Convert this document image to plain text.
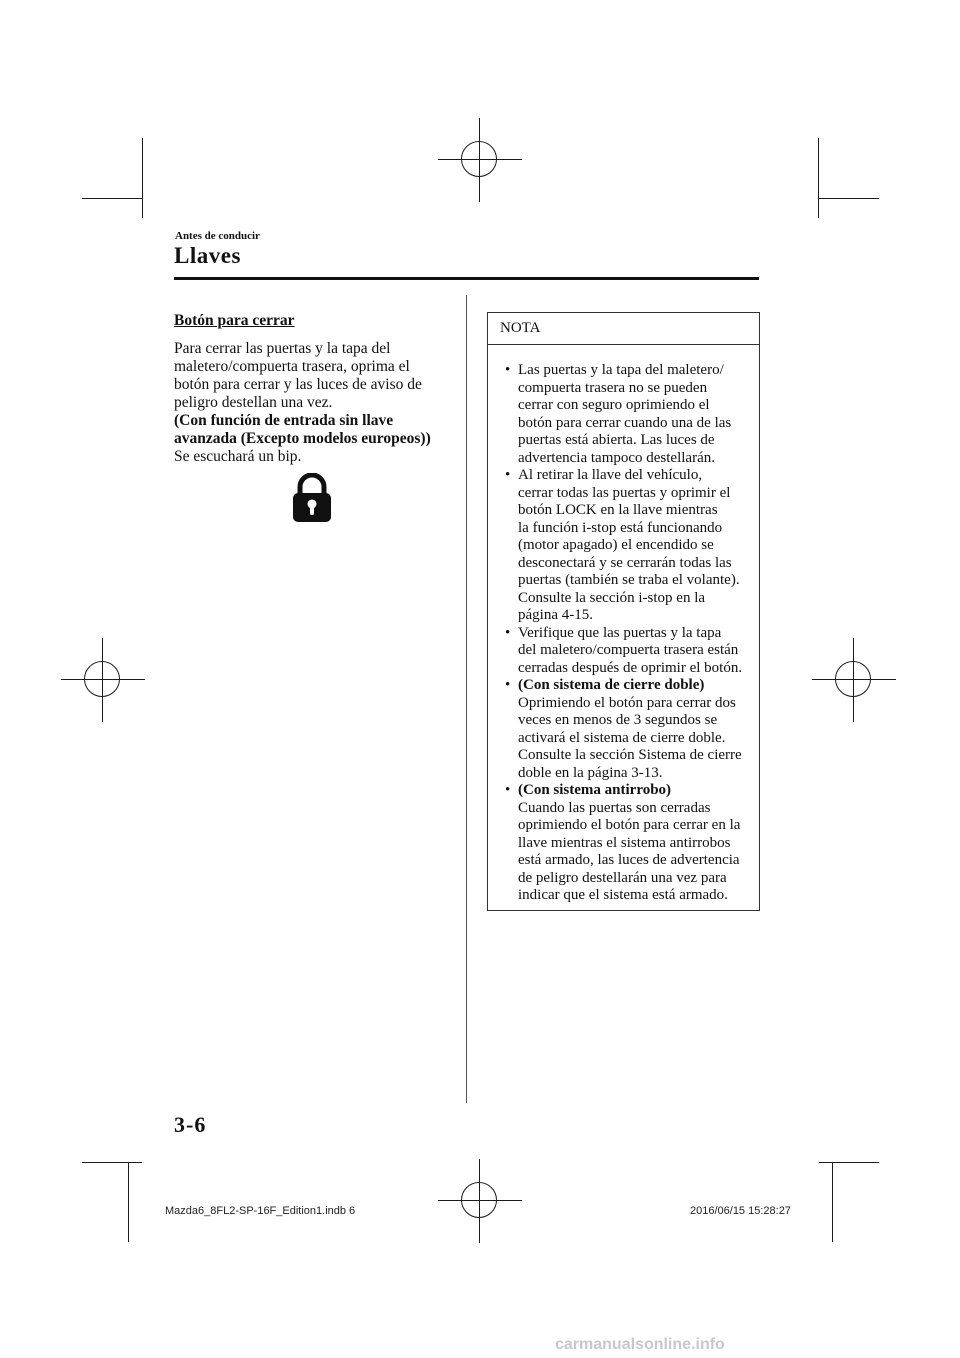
Antes de conducir
Llaves
Botón para cerrar
Para cerrar las puertas y la tapa del
maletero/compuerta trasera, oprima el
botón para cerrar y las luces de aviso de
peligro destellan una vez.
(Con función de entrada sin llave
avanzada (Excepto modelos europeos))
Se escuchará un bip.
NOTA
• Las puertas y la tapa del maletero/
compuerta trasera no se pueden
cerrar con seguro oprimiendo el
botón para cerrar cuando una de las
puertas está abierta. Las luces de
advertencia tampoco destellarán.
• Al retirar la llave del vehículo,
cerrar todas las puertas y oprimir el
botón LOCK en la llave mientras
la función i-stop está funcionando
(motor apagado) el encendido se
desconectará y se cerrarán todas las
puertas (también se traba el volante).
Consulte la sección i-stop en la
página 4-15.
• Verifique que las puertas y la tapa
del maletero/compuerta trasera están
cerradas después de oprimir el botón.
• (Con sistema de cierre doble)
Oprimiendo el botón para cerrar dos
veces en menos de 3 segundos se
activará el sistema de cierre doble.
Consulte la sección Sistema de cierre
doble en la página 3-13.
• (Con sistema antirrobo)
Cuando las puertas son cerradas
oprimiendo el botón para cerrar en la
llave mientras el sistema antirrobos
está armado, las luces de advertencia
de peligro destellarán una vez para
indicar que el sistema está armado.
3-6
Mazda6_8FL2-SP-16F_Edition1.indb 6	2016/06/15 15:28:27
carmanualsonline.info
